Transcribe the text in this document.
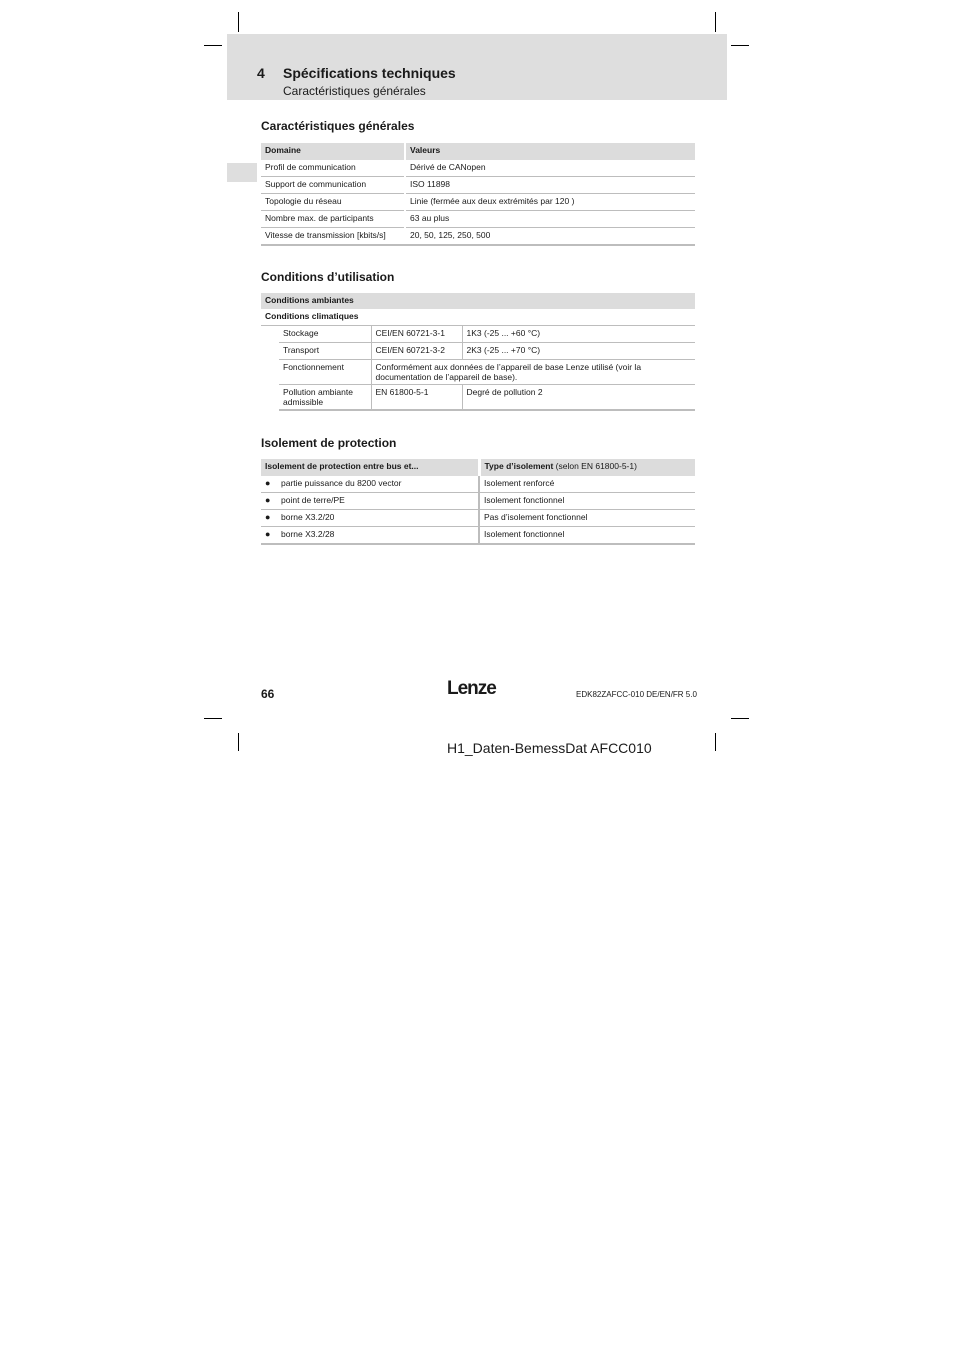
4 Spécifications techniques
Caractéristiques générales
Caractéristiques générales
Domaine	Valeurs
Profil de communication	Dérivé de CANopen
Support de communication	ISO 11898
Topologie du réseau	Linie (fermée aux deux extrémités par 120 )
Nombre max. de participants	63 au plus
Vitesse de transmission [kbits/s]	20, 50, 125, 250, 500
Conditions d’utilisation
Conditions ambiantes			
Conditions climatiques			
	Stockage	CEI/EN 60721-3-1	1K3 (-25 ... +60 °C)
	Transport	CEI/EN 60721-3-2	2K3 (-25 ... +70 °C)
	Fonctionnement	Conformément aux données de l’appareil de base Lenze utilisé (voir la documentation de l’appareil de base).	
	Pollution ambiante admissible	EN 61800-5-1	Degré de pollution 2
Isolement de protection
Isolement de protection entre bus et...	Type d’isolement (selon EN 61800-5-1)
● partie puissance du 8200 vector	Isolement renforcé
● point de terre/PE	Isolement fonctionnel
● borne X3.2/20	Pas d’isolement fonctionnel
● borne X3.2/28	Isolement fonctionnel
66	Lenze	EDK82ZAFCC-010 DE/EN/FR 5.0
H1_Daten-BemessDat AFCC010
